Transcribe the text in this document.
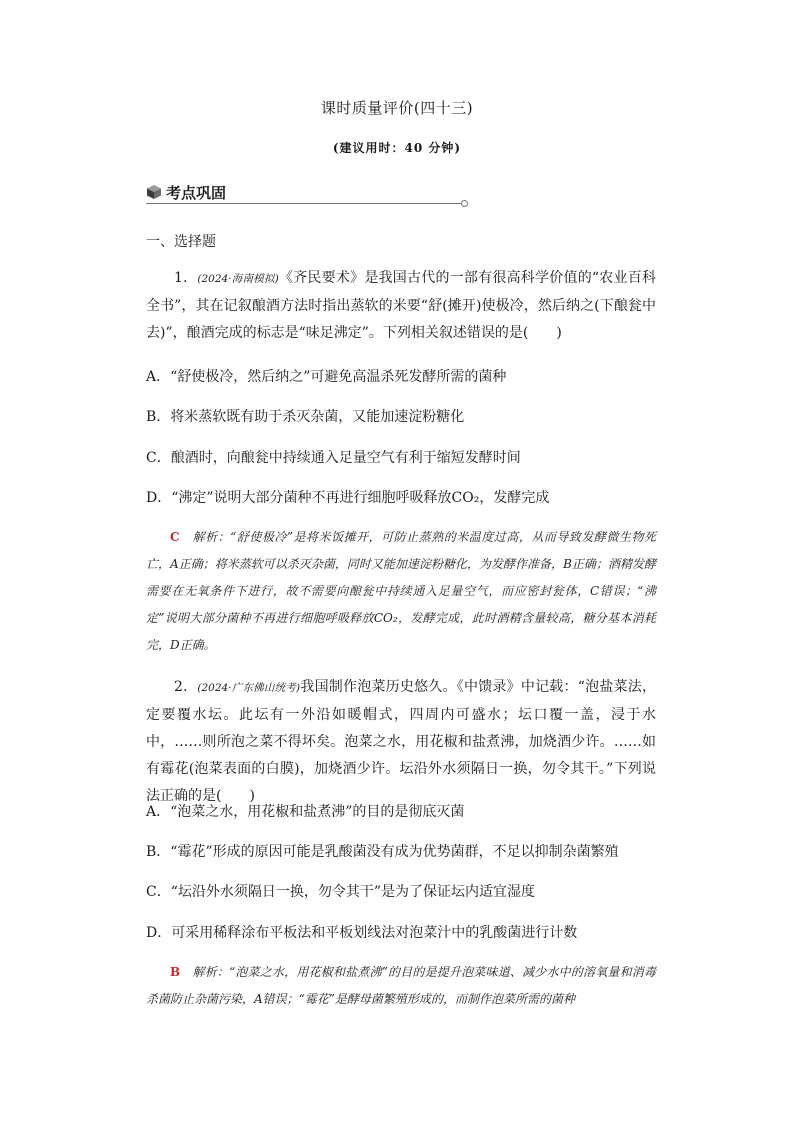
课时质量评价(四十三)
(建议用时：40 分钟)
考点巩固
一、选择题
1．(2024·海南模拟)《齐民要术》是我国古代的一部有很高科学价值的“农业百科全书”，其在记叙酿酒方法时指出蒸软的米要“舒(摊开)使极冷，然后纳之(下酿瓮中去)”，酿酒完成的标志是“味足沸定”。下列相关叙述错误的是(　　)
A．“舒使极冷，然后纳之”可避免高温杀死发酵所需的菌种
B．将米蒸软既有助于杀灭杂菌，又能加速淀粉糖化
C．酿酒时，向酿瓮中持续通入足量空气有利于缩短发酵时间
D．“沸定”说明大部分菌种不再进行细胞呼吸释放CO₂，发酵完成
C　解析：“舒使极冷”是将米饭摊开，可防止蒸熟的米温度过高，从而导致发酵微生物死亡，A正确；将米蒸软可以杀灭杂菌，同时又能加速淀粉糖化，为发酵作准备，B正确；酒精发酵需要在无氧条件下进行，故不需要向酿瓮中持续通入足量空气，而应密封瓮体，C错误；“沸定”说明大部分菌种不再进行细胞呼吸释放CO₂，发酵完成，此时酒精含量较高，糖分基本消耗完，D正确。
2．(2024·广东佛山统考)我国制作泡菜历史悠久。《中馈录》中记载：“泡盐菜法，定要覆水坛。此坛有一外沿如暖帽式，四周内可盛水；坛口覆一盖，浸于水中，……则所泡之菜不得坏矣。泡菜之水，用花椒和盐煮沸，加烧酒少许。……如有霉花(泡菜表面的白膜)，加烧酒少许。坛沿外水须隔日一换，勿令其干。”下列说法正确的是(　　)
A．“泡菜之水，用花椒和盐煮沸”的目的是彻底灭菌
B．“霉花”形成的原因可能是乳酸菌没有成为优势菌群，不足以抑制杂菌繁殖
C．“坛沿外水须隔日一换，勿令其干”是为了保证坛内适宜湿度
D．可采用稀释涂布平板法和平板划线法对泡菜汁中的乳酸菌进行计数
B　解析：“泡菜之水，用花椒和盐煮沸”的目的是提升泡菜味道、减少水中的溶氧量和消毒杀菌防止杂菌污染，A错误；“霉花”是酵母菌繁殖形成的，而制作泡菜所需的菌种
